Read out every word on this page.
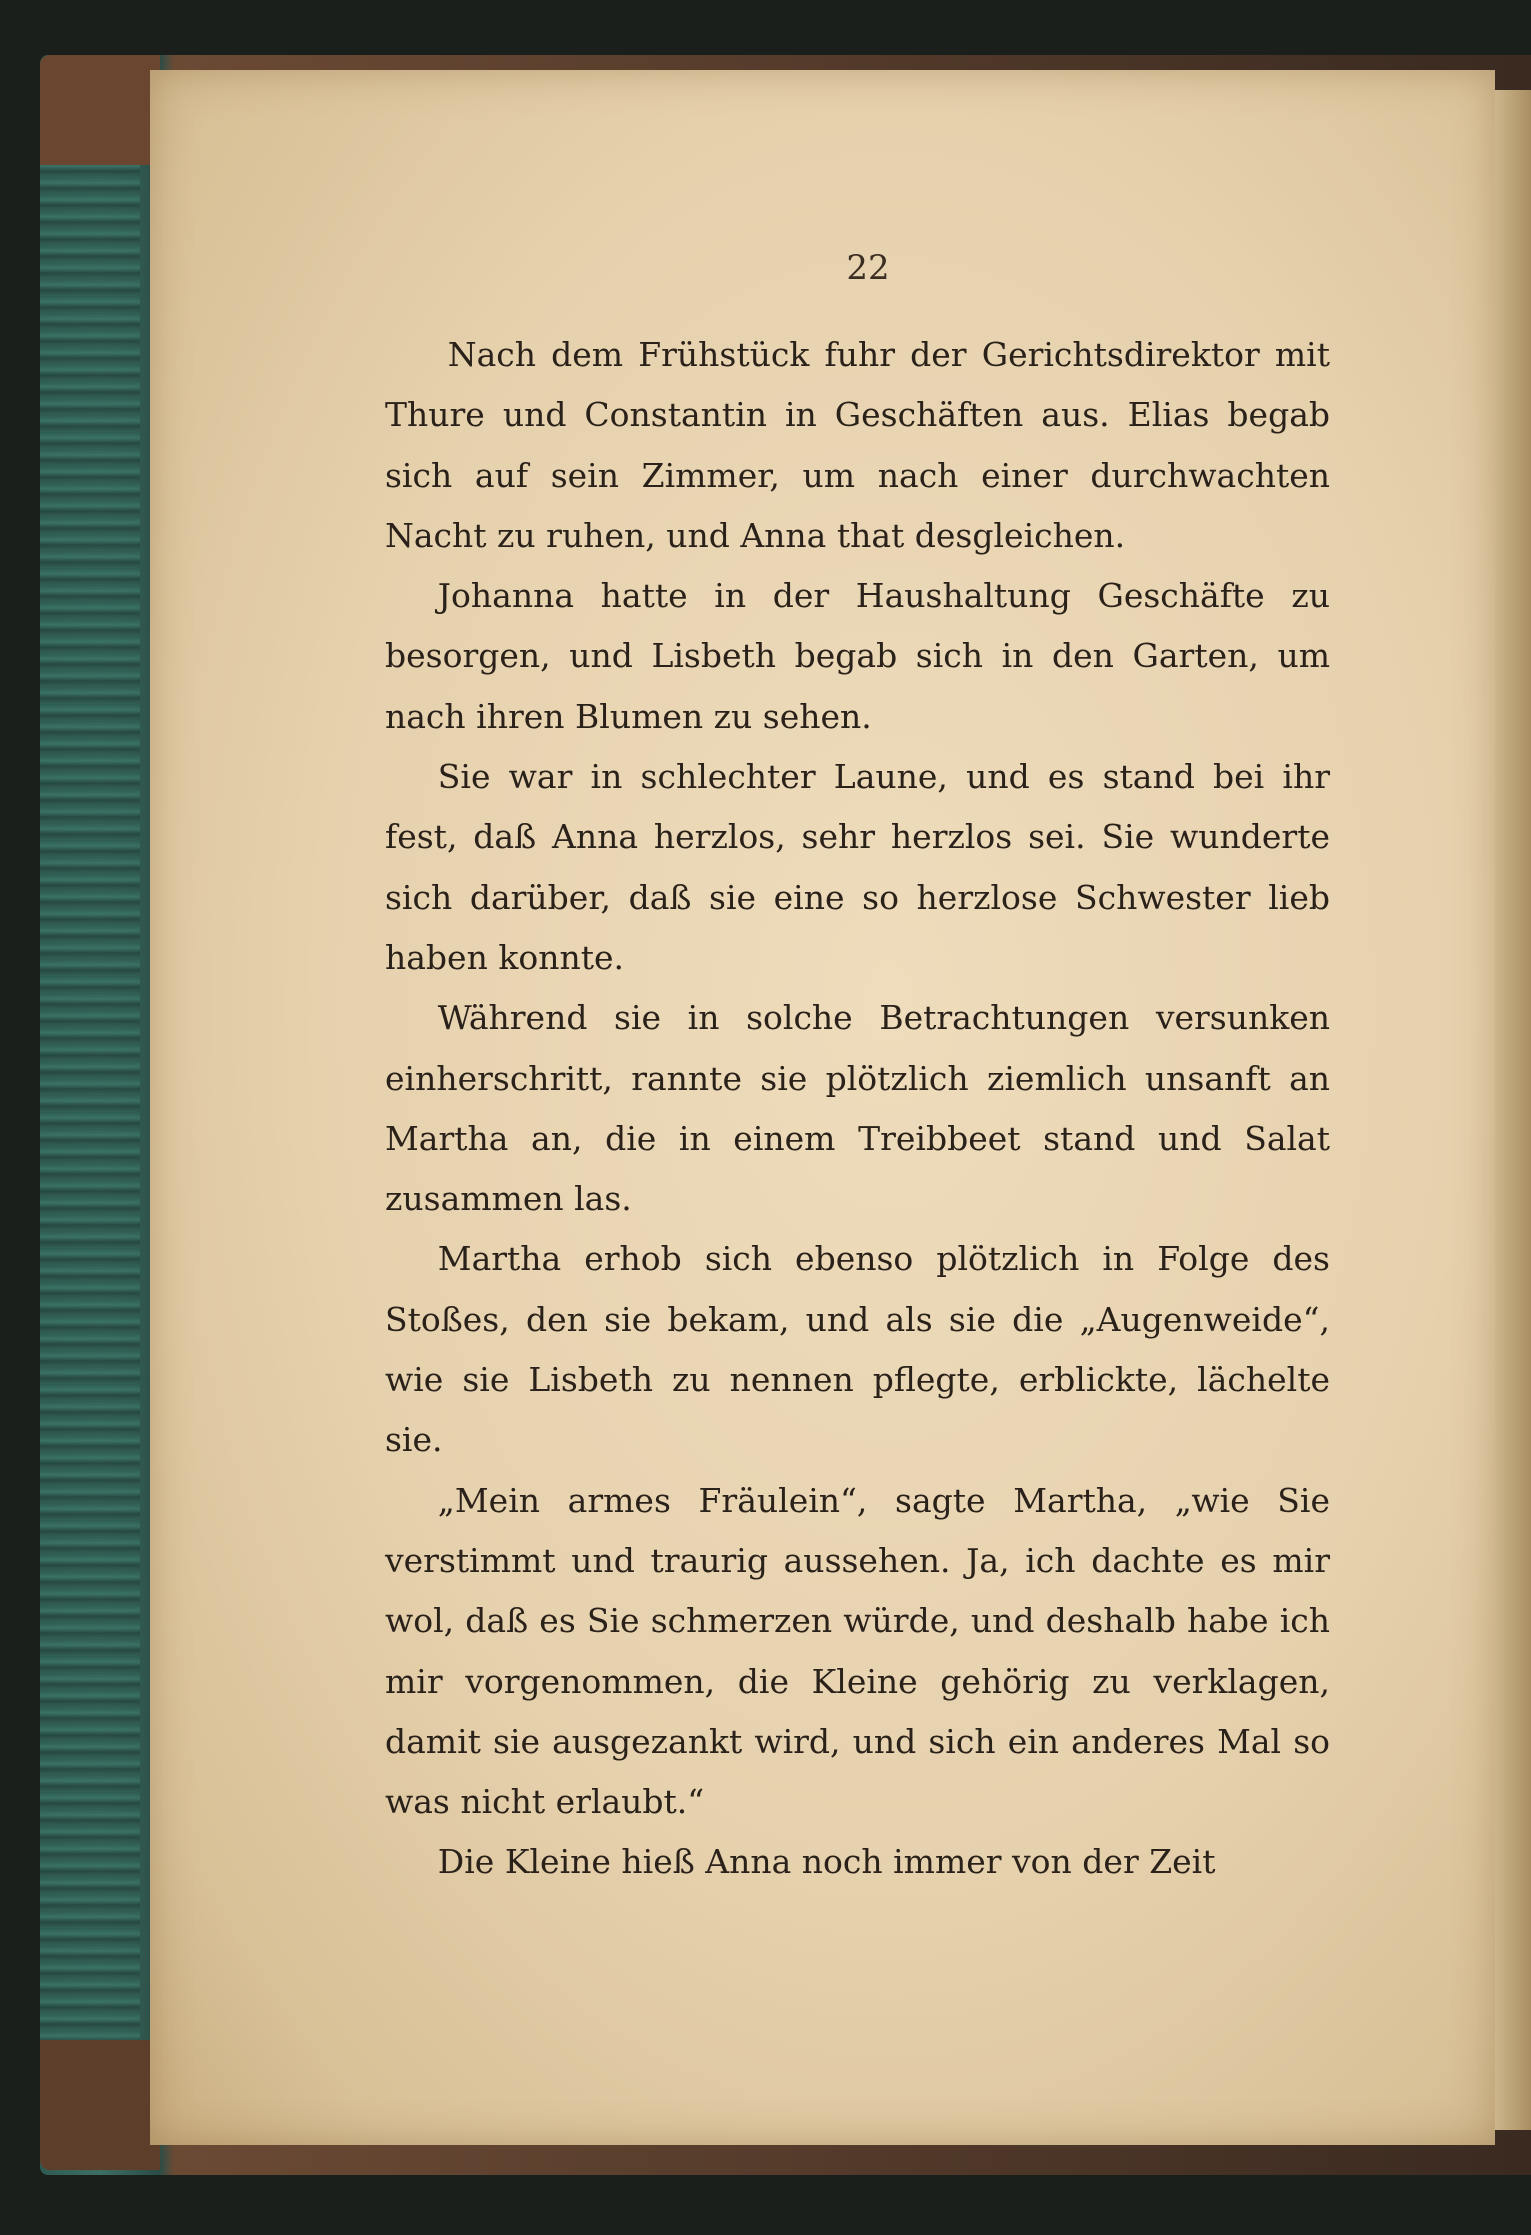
22

Nach dem Frühstück fuhr der Gerichtsdirektor mit Thure und Constantin in Geschäften aus. Elias begab sich auf sein Zimmer, um nach einer durchwachten Nacht zu ruhen, und Anna that desgleichen.

Johanna hatte in der Haushaltung Geschäfte zu besorgen, und Lisbeth begab sich in den Garten, um nach ihren Blumen zu sehen.

Sie war in schlechter Laune, und es stand bei ihr fest, daß Anna herzlos, sehr herzlos sei. Sie wunderte sich darüber, daß sie eine so herzlose Schwester lieb haben konnte.

Während sie in solche Betrachtungen versunken einherschritt, rannte sie plötzlich ziemlich unsanft an Martha an, die in einem Treibbeet stand und Salat zusammen las.

Martha erhob sich ebenso plötzlich in Folge des Stoßes, den sie bekam, und als sie die „Augenweide“, wie sie Lisbeth zu nennen pflegte, erblickte, lächelte sie.

„Mein armes Fräulein“, sagte Martha, „wie Sie verstimmt und traurig aussehen. Ja, ich dachte es mir wol, daß es Sie schmerzen würde, und deshalb habe ich mir vorgenommen, die Kleine gehörig zu verklagen, damit sie ausgezankt wird, und sich ein anderes Mal so was nicht erlaubt.“

Die Kleine hieß Anna noch immer von der Zeit
